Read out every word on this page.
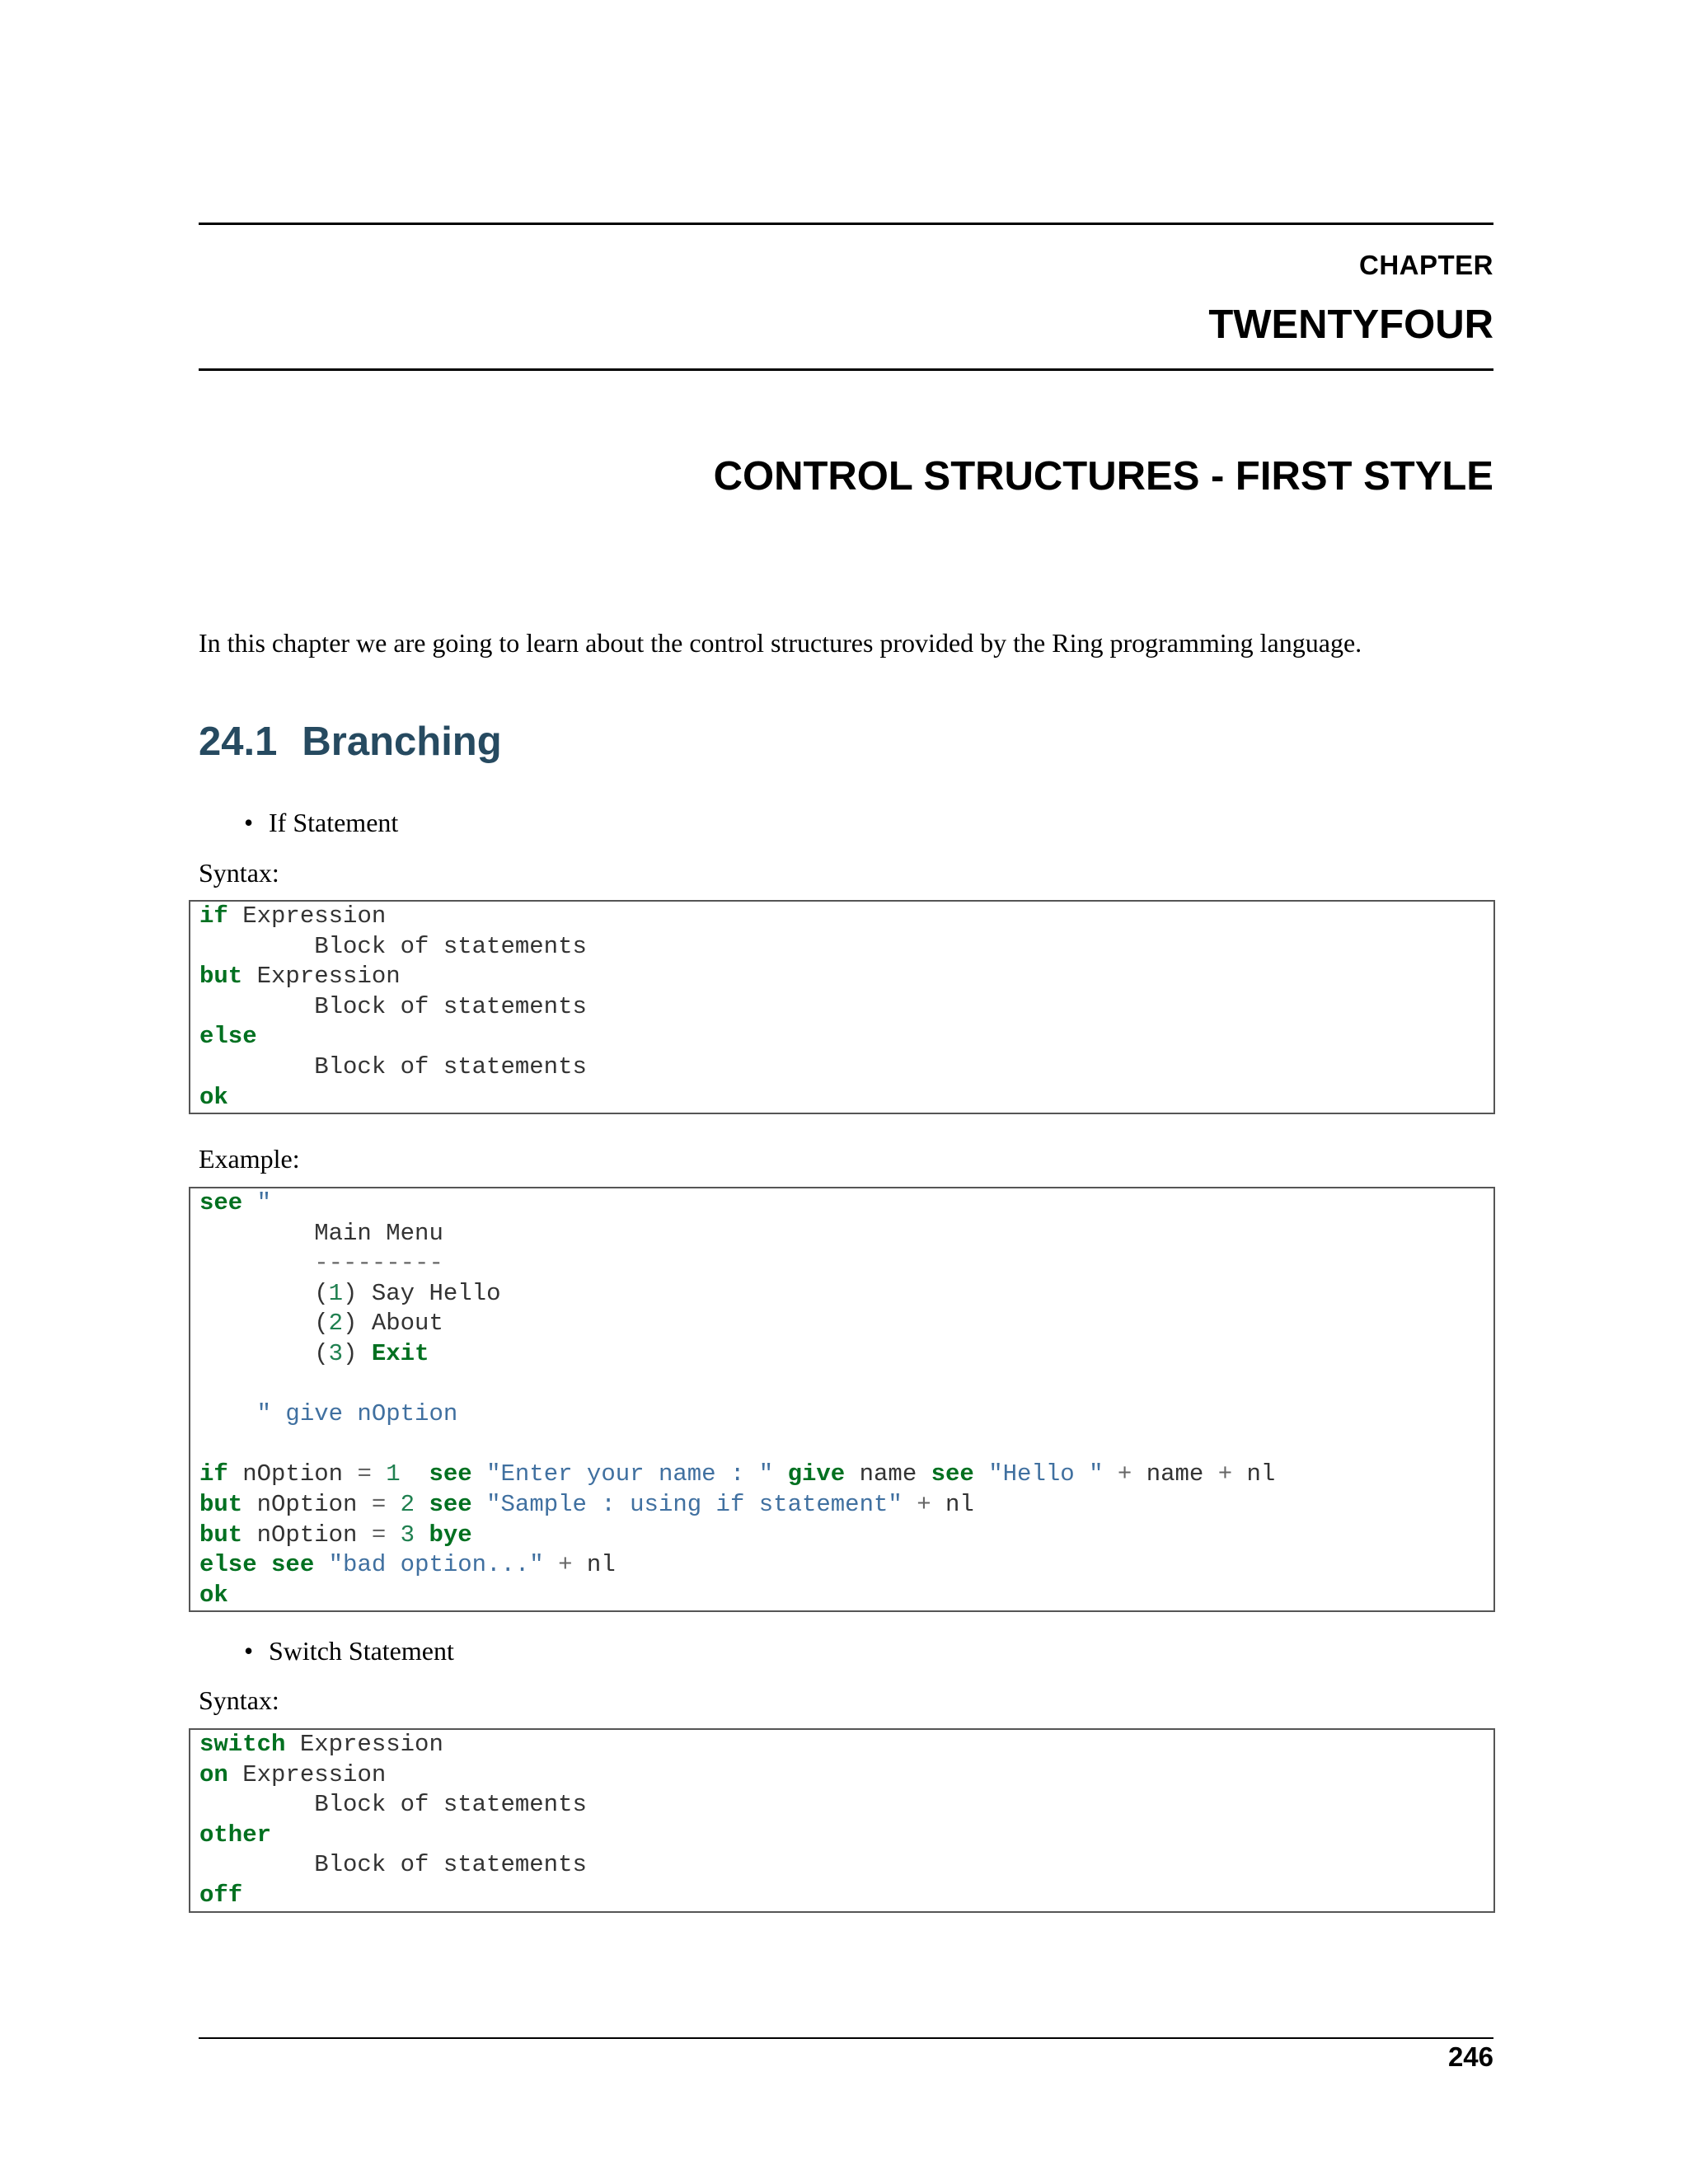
CHAPTER
TWENTYFOUR
CONTROL STRUCTURES - FIRST STYLE
In this chapter we are going to learn about the control structures provided by the Ring programming language.
24.1 Branching
• If Statement
Syntax:
if Expression
Block of statements
but Expression
Block of statements
else
Block of statements
ok
Example:
see "
Main Menu
---------
(1) Say Hello
(2) About
(3) Exit

" give nOption

if nOption = 1 see "Enter your name : " give name see "Hello " + name + nl
but nOption = 2 see "Sample : using if statement" + nl
but nOption = 3 bye
else see "bad option..." + nl
ok
• Switch Statement
Syntax:
switch Expression
on Expression
Block of statements
other
Block of statements
off
246
